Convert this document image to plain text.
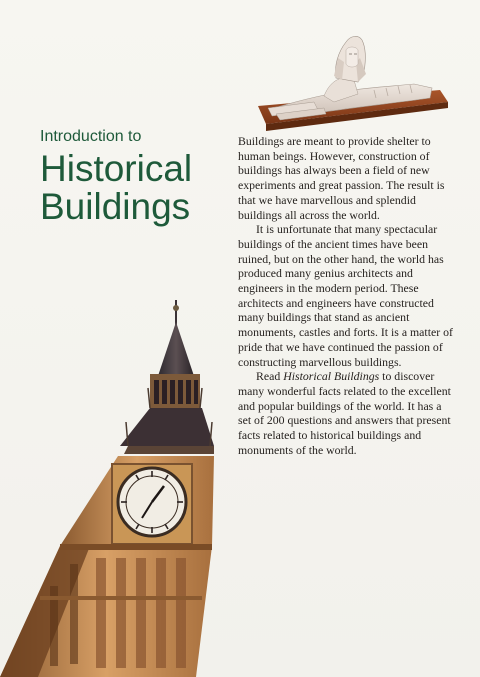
Introduction to

Historical
Buildings

Buildings are meant to provide shelter to human beings. However, construction of buildings has always been a field of new experiments and great passion. The result is that we have marvellous and splendid buildings all across the world.

It is unfortunate that many spectacular buildings of the ancient times have been ruined, but on the other hand, the world has produced many genius architects and engineers in the modern period. These architects and engineers have constructed many buildings that stand as ancient monuments, castles and forts. It is a matter of pride that we have continued the passion of constructing marvellous buildings.

Read Historical Buildings to discover many wonderful facts related to the excellent and popular buildings of the world. It has a set of 200 questions and answers that present facts related to historical buildings and monuments of the world.
